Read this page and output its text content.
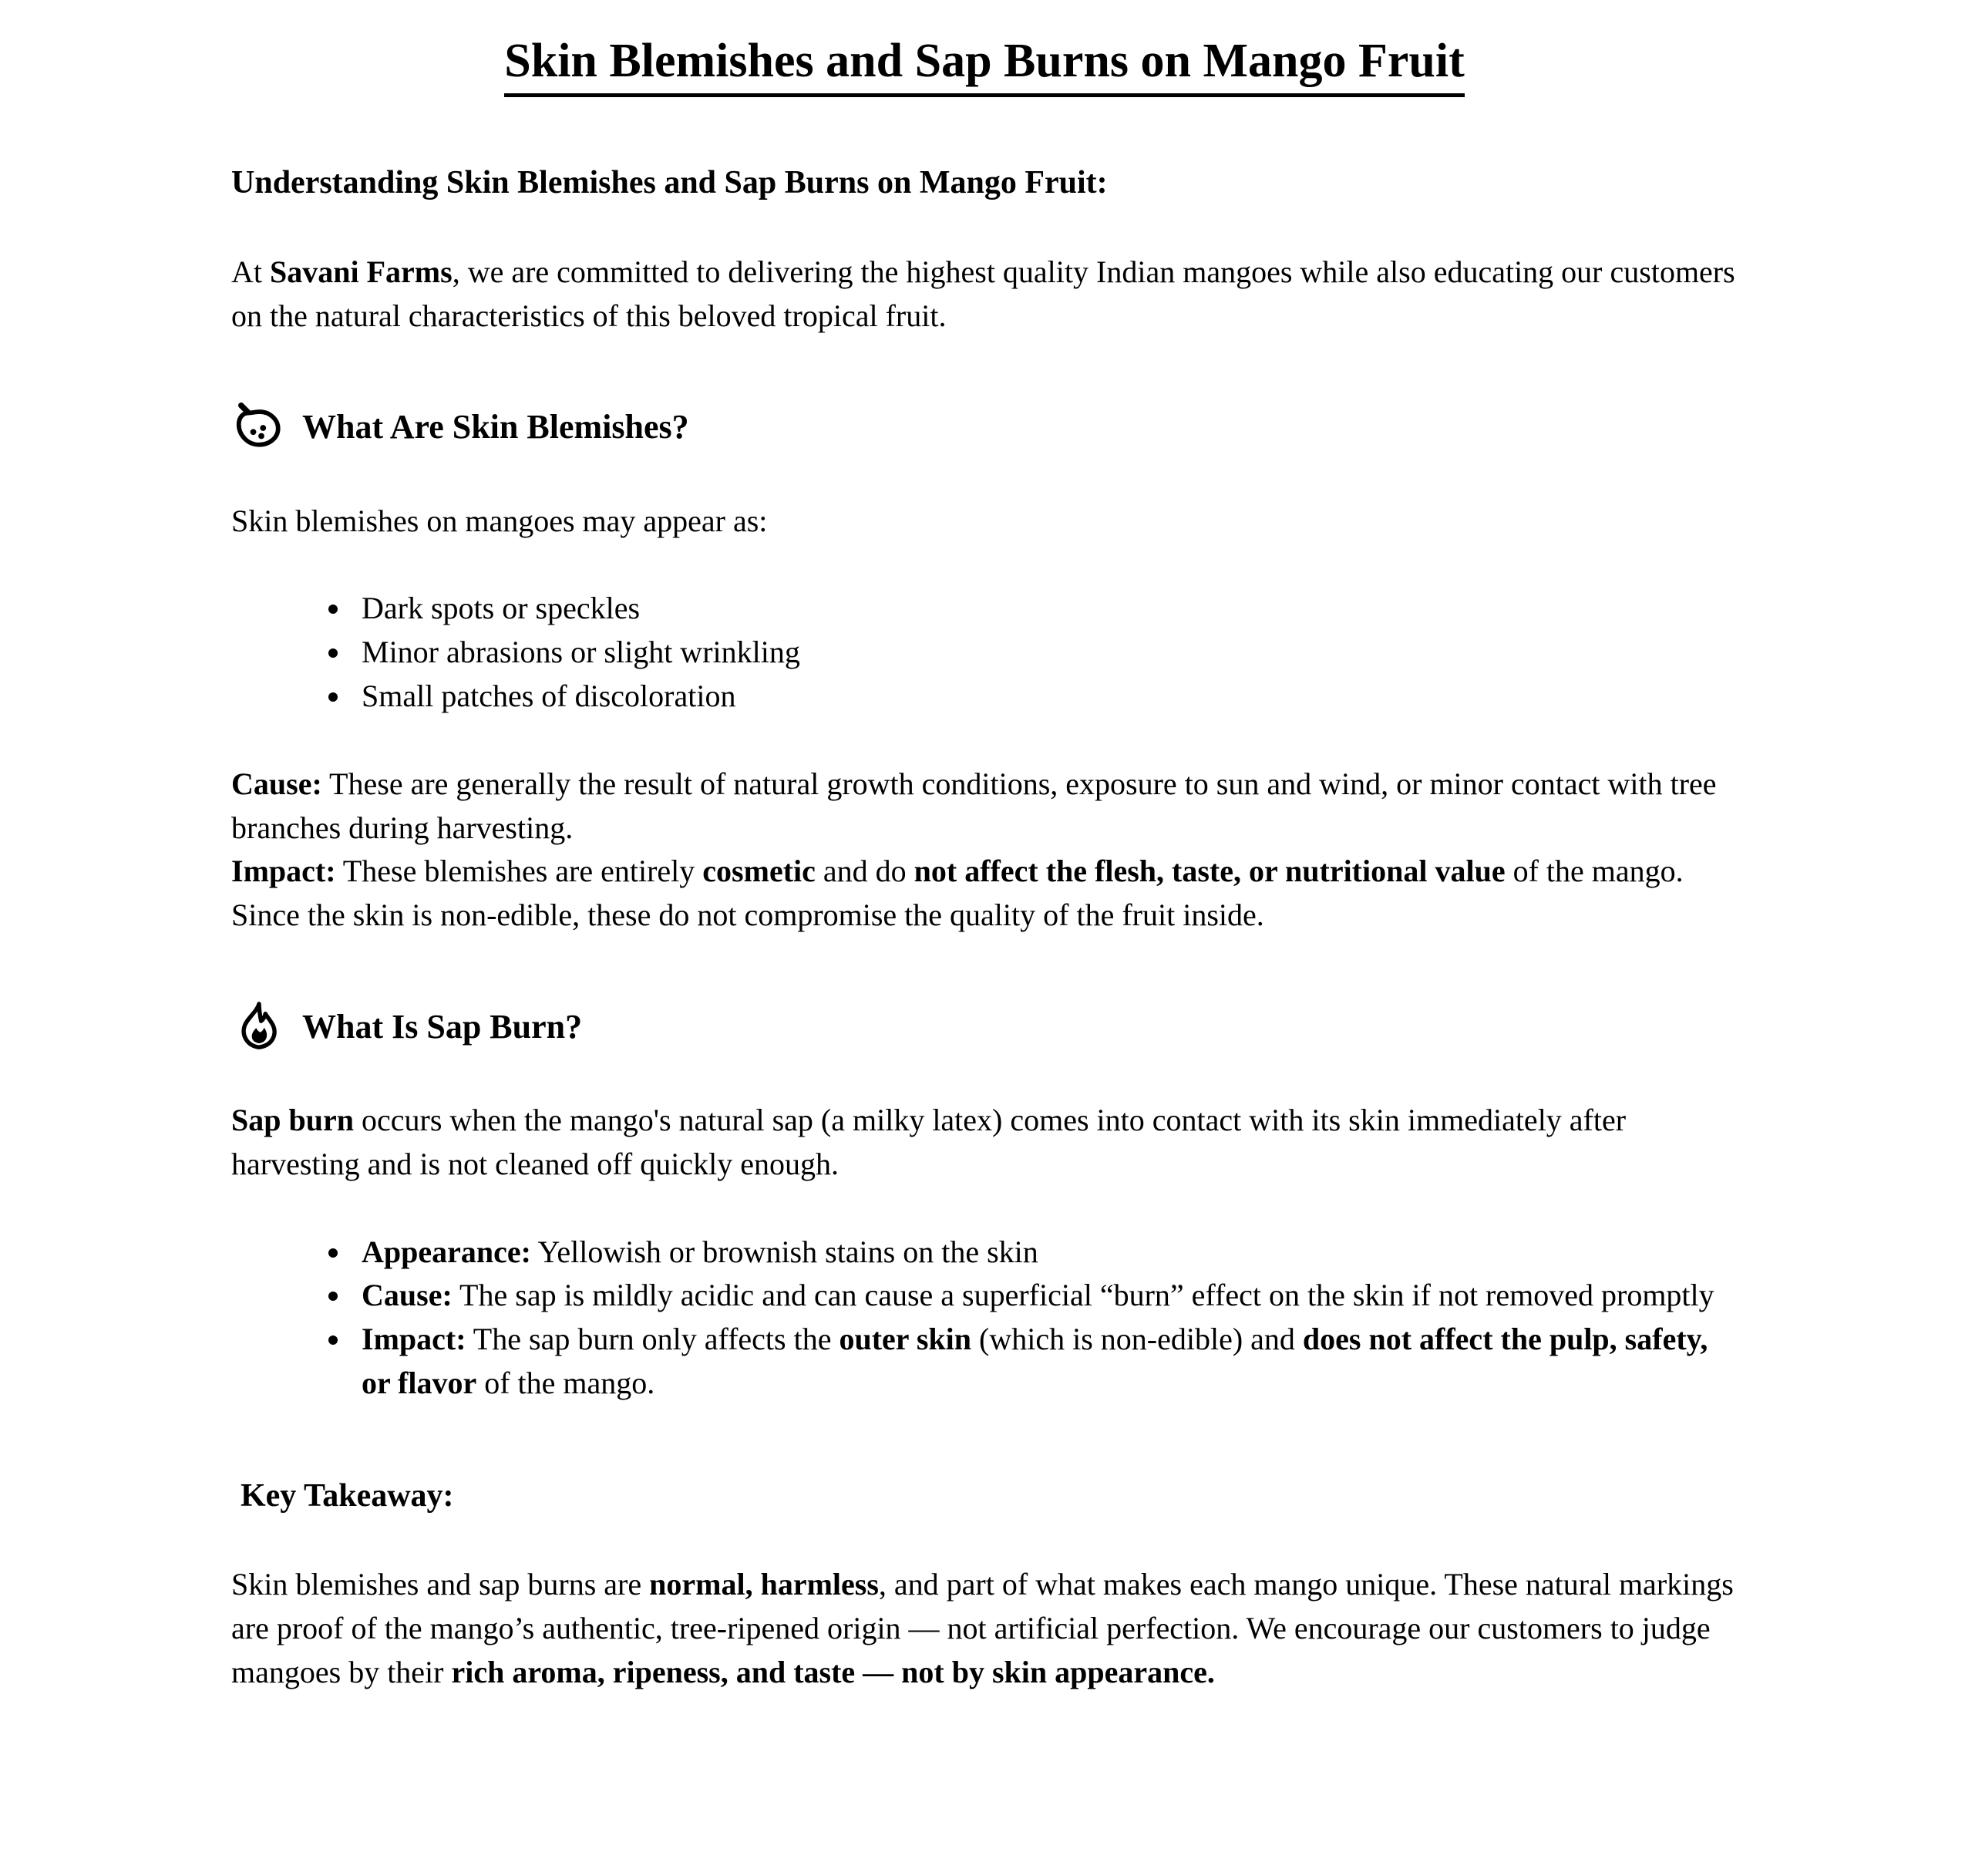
Skin Blemishes and Sap Burns on Mango Fruit

Understanding Skin Blemishes and Sap Burns on Mango Fruit:

At Savani Farms, we are committed to delivering the highest quality Indian mangoes while also educating our customers on the natural characteristics of this beloved tropical fruit.

What Are Skin Blemishes?

Skin blemishes on mangoes may appear as:

• Dark spots or speckles
• Minor abrasions or slight wrinkling
• Small patches of discoloration

Cause: These are generally the result of natural growth conditions, exposure to sun and wind, or minor contact with tree branches during harvesting.

Impact: These blemishes are entirely cosmetic and do not affect the flesh, taste, or nutritional value of the mango. Since the skin is non-edible, these do not compromise the quality of the fruit inside.

What Is Sap Burn?

Sap burn occurs when the mango's natural sap (a milky latex) comes into contact with its skin immediately after harvesting and is not cleaned off quickly enough.

• Appearance: Yellowish or brownish stains on the skin
• Cause: The sap is mildly acidic and can cause a superficial “burn” effect on the skin if not removed promptly
• Impact: The sap burn only affects the outer skin (which is non-edible) and does not affect the pulp, safety, or flavor of the mango.

Key Takeaway:

Skin blemishes and sap burns are normal, harmless, and part of what makes each mango unique. These natural markings are proof of the mango’s authentic, tree-ripened origin — not artificial perfection. We encourage our customers to judge mangoes by their rich aroma, ripeness, and taste — not by skin appearance.
